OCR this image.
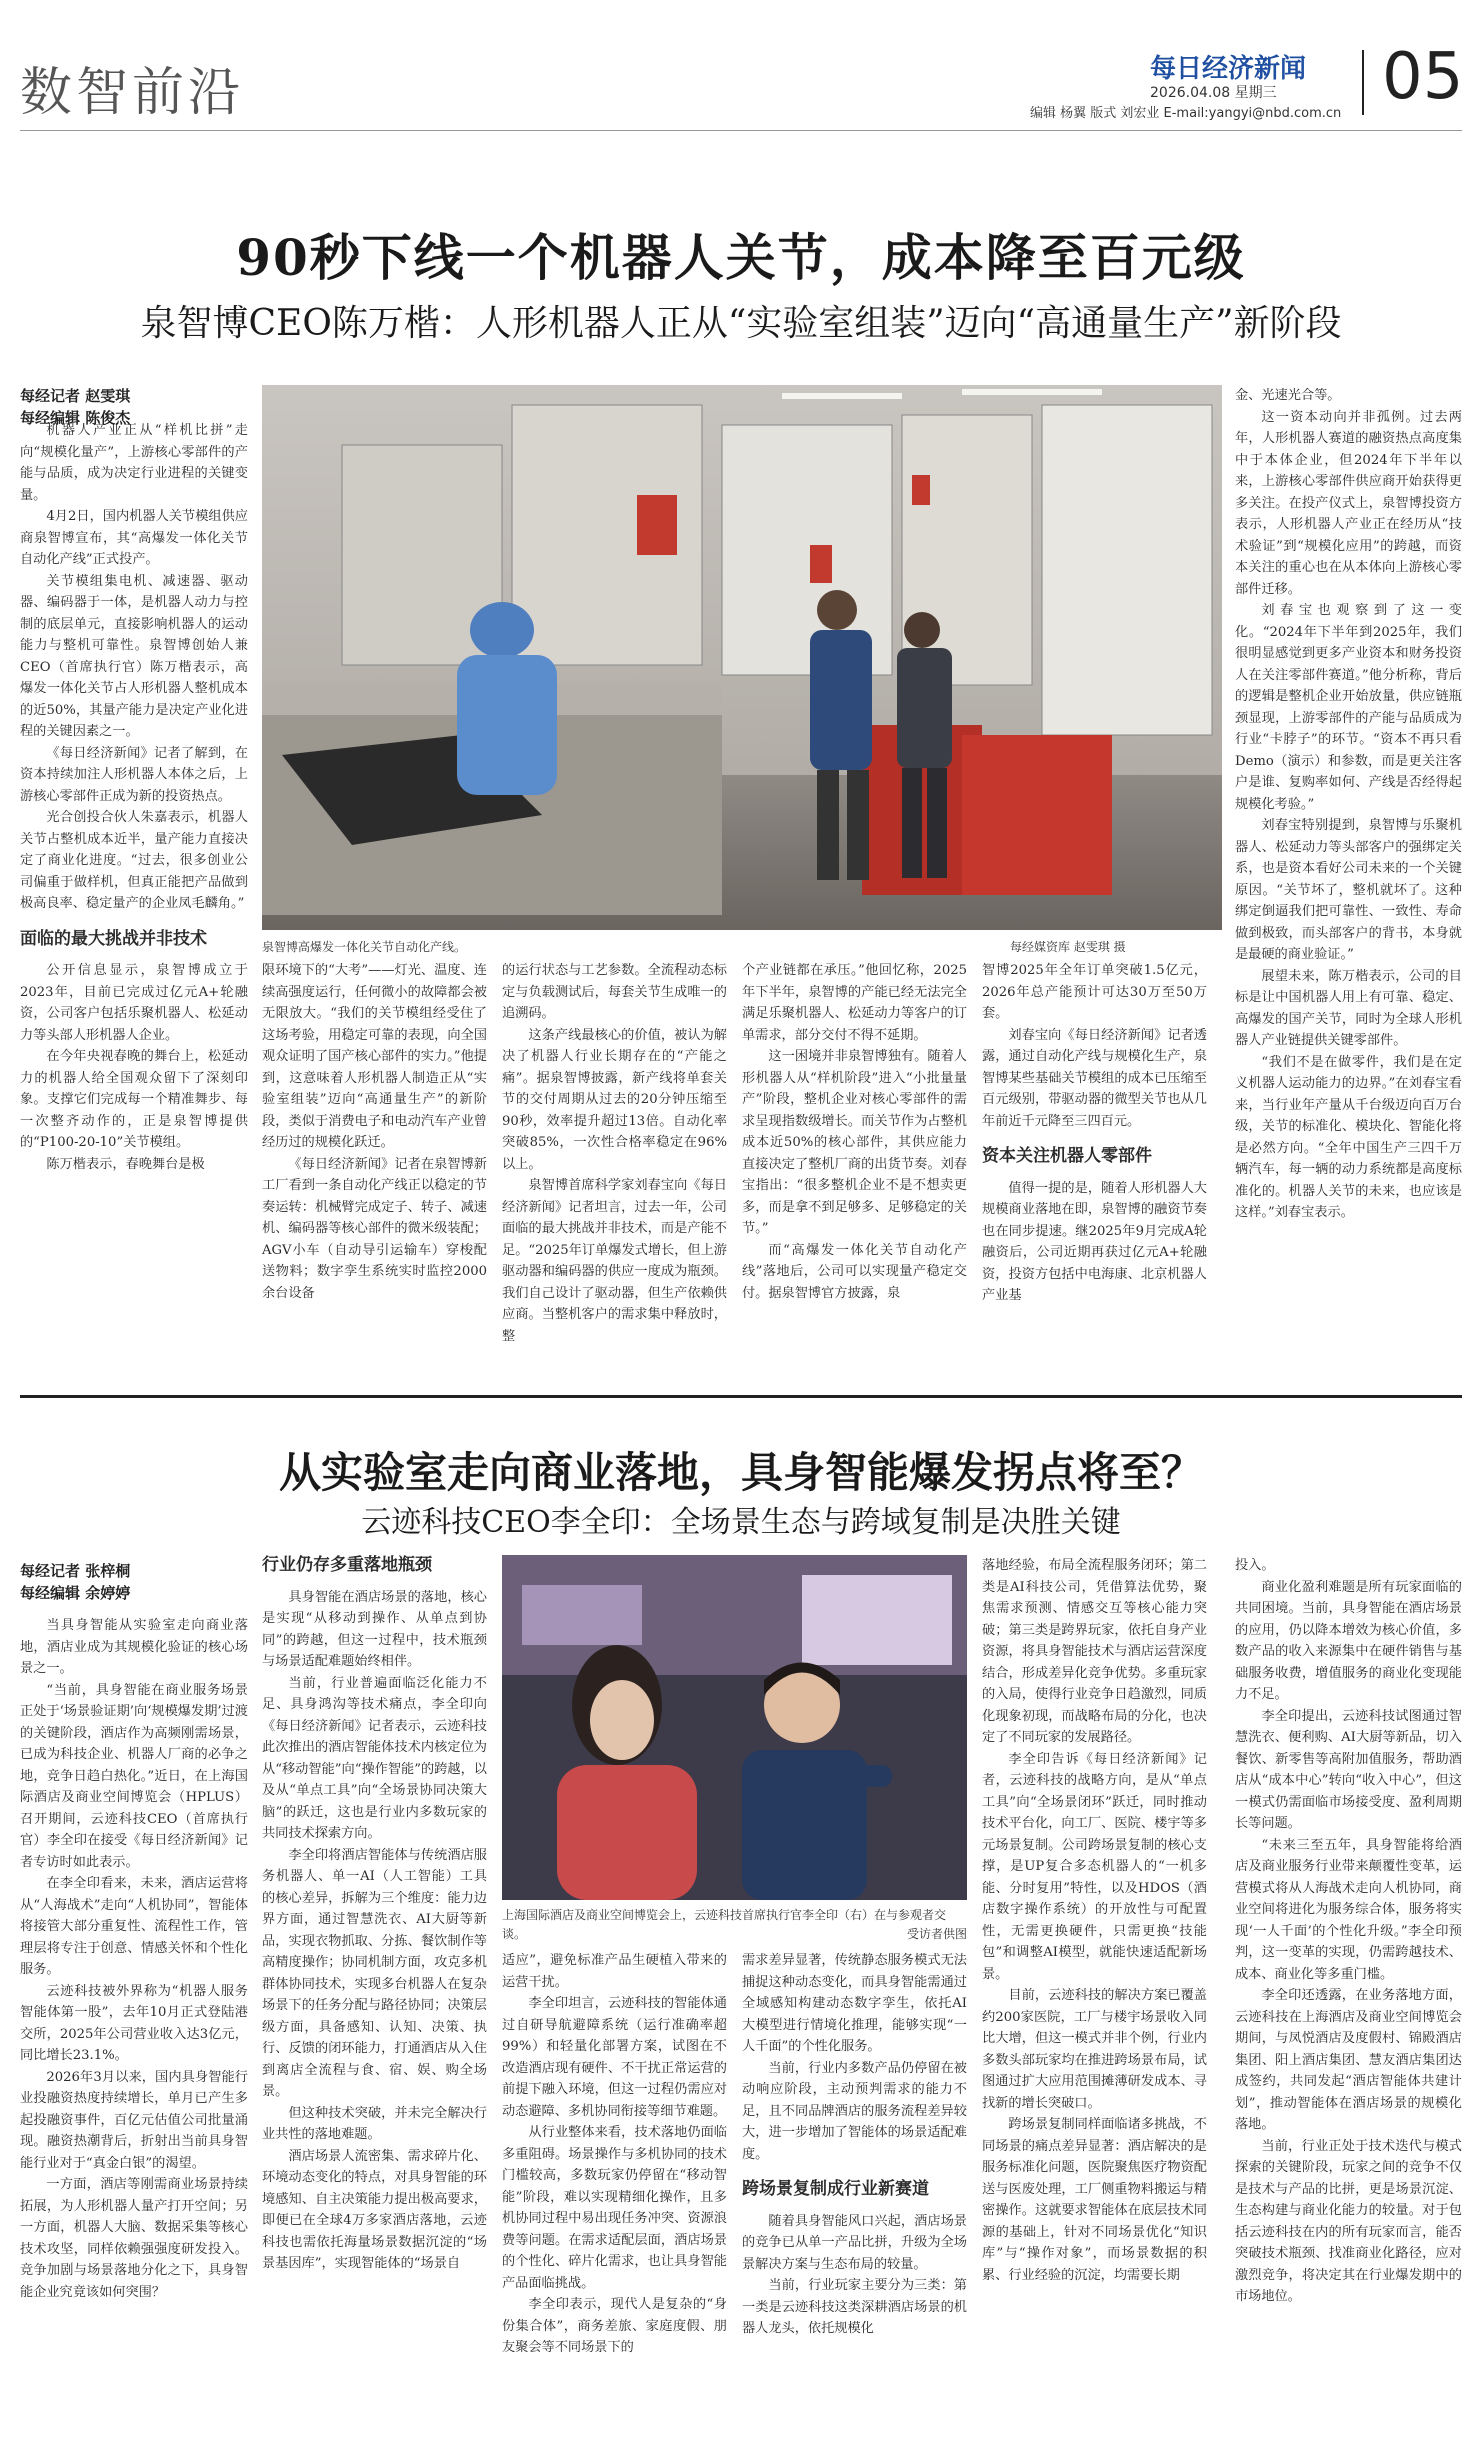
数智前沿	每日经济新闻
2026.04.08 星期三
编辑 杨翼 版式 刘宏业 E-mail:yangyi@nbd.com.cn 05
90秒下线一个机器人关节，成本降至百元级
泉智博CEO陈万楷：人形机器人正从“实验室组装”迈向“高通量生产”新阶段
每经记者 赵雯琪
每经编辑 陈俊杰
泉智博高爆发一体化关节自动化产线。	每经媒资库 赵雯琪 摄

机器人产业正从“样机比拼”走向“规模化量产”，上游核心零部件的产能与品质，成为决定行业进程的关键变量。

4月2日，国内机器人关节模组供应商泉智博宣布，其“高爆发一体化关节自动化产线”正式投产。

关节模组集电机、减速器、驱动器、编码器于一体，是机器人动力与控制的底层单元，直接影响机器人的运动能力与整机可靠性。泉智博创始人兼CEO（首席执行官）陈万楷表示，高爆发一体化关节占人形机器人整机成本的近50%，其量产能力是决定产业化进程的关键因素之一。

《每日经济新闻》记者了解到，在资本持续加注人形机器人本体之后，上游核心零部件正成为新的投资热点。

光合创投合伙人朱嘉表示，机器人关节占整机成本近半，量产能力直接决定了商业化进度。“过去，很多创业公司偏重于做样机，但真正能把产品做到极高良率、稳定量产的企业凤毛麟角。”

面临的最大挑战并非技术

公开信息显示，泉智博成立于2023年，目前已完成过亿元A+轮融资，公司客户包括乐聚机器人、松延动力等头部人形机器人企业。

在今年央视春晚的舞台上，松延动力的机器人给全国观众留下了深刻印象。支撑它们完成每一个精准舞步、每一次整齐动作的，正是泉智博提供的“P100-20-10”关节模组。

陈万楷表示，春晚舞台是极

限环境下的“大考”——灯光、温度、连续高强度运行，任何微小的故障都会被无限放大。“我们的关节模组经受住了这场考验，用稳定可靠的表现，向全国观众证明了国产核心部件的实力。”他提到，这意味着人形机器人制造正从“实验室组装”迈向“高通量生产”的新阶段，类似于消费电子和电动汽车产业曾经历过的规模化跃迁。

《每日经济新闻》记者在泉智博新工厂看到一条自动化产线正以稳定的节奏运转：机械臂完成定子、转子、减速机、编码器等核心部件的微米级装配；AGV小车（自动导引运输车）穿梭配送物料；数字孪生系统实时监控2000余台设备

的运行状态与工艺参数。全流程动态标定与负载测试后，每套关节生成唯一的追溯码。

这条产线最核心的价值，被认为解决了机器人行业长期存在的“产能之痛”。据泉智博披露，新产线将单套关节的交付周期从过去的20分钟压缩至90秒，效率提升超过13倍。自动化率突破85%，一次性合格率稳定在96%以上。

泉智博首席科学家刘春宝向《每日经济新闻》记者坦言，过去一年，公司面临的最大挑战并非技术，而是产能不足。“2025年订单爆发式增长，但上游驱动器和编码器的供应一度成为瓶颈。我们自己设计了驱动器，但生产依赖供应商。当整机客户的需求集中释放时，整

个产业链都在承压。”他回忆称，2025年下半年，泉智博的产能已经无法完全满足乐聚机器人、松延动力等客户的订单需求，部分交付不得不延期。

这一困境并非泉智博独有。随着人形机器人从“样机阶段”进入“小批量量产”阶段，整机企业对核心零部件的需求呈现指数级增长。而关节作为占整机成本近50%的核心部件，其供应能力直接决定了整机厂商的出货节奏。刘春宝指出：“很多整机企业不是不想卖更多，而是拿不到足够多、足够稳定的关节。”

而“高爆发一体化关节自动化产线”落地后，公司可以实现量产稳定交付。据泉智博官方披露，泉

智博2025年全年订单突破1.5亿元，2026年总产能预计可达30万至50万套。

刘春宝向《每日经济新闻》记者透露，通过自动化产线与规模化生产，泉智博某些基础关节模组的成本已压缩至百元级别，带驱动器的微型关节也从几年前近千元降至三四百元。

资本关注机器人零部件

值得一提的是，随着人形机器人大规模商业落地在即，泉智博的融资节奏也在同步提速。继2025年9月完成A轮融资后，公司近期再获过亿元A+轮融资，投资方包括中电海康、北京机器人产业基

金、光速光合等。

这一资本动向并非孤例。过去两年，人形机器人赛道的融资热点高度集中于本体企业，但2024年下半年以来，上游核心零部件供应商开始获得更多关注。在投产仪式上，泉智博投资方表示，人形机器人产业正在经历从“技术验证”到“规模化应用”的跨越，而资本关注的重心也在从本体向上游核心零部件迁移。

刘春宝也观察到了这一变化。“2024年下半年到2025年，我们很明显感觉到更多产业资本和财务投资人在关注零部件赛道。”他分析称，背后的逻辑是整机企业开始放量，供应链瓶颈显现，上游零部件的产能与品质成为行业“卡脖子”的环节。“资本不再只看Demo（演示）和参数，而是更关注客户是谁、复购率如何、产线是否经得起规模化考验。”

刘春宝特别提到，泉智博与乐聚机器人、松延动力等头部客户的强绑定关系，也是资本看好公司未来的一个关键原因。“关节坏了，整机就坏了。这种绑定倒逼我们把可靠性、一致性、寿命做到极致，而头部客户的背书，本身就是最硬的商业验证。”

展望未来，陈万楷表示，公司的目标是让中国机器人用上有可靠、稳定、高爆发的国产关节，同时为全球人形机器人产业链提供关键零部件。

“我们不是在做零件，我们是在定义机器人运动能力的边界。”在刘春宝看来，当行业年产量从千台级迈向百万台级，关节的标准化、模块化、智能化将是必然方向。“全年中国生产三四千万辆汽车，每一辆的动力系统都是高度标准化的。机器人关节的未来，也应该是这样。”刘春宝表示。

从实验室走向商业落地，具身智能爆发拐点将至？
云迹科技CEO李全印：全场景生态与跨域复制是决胜关键
每经记者 张梓桐
每经编辑 余婷婷
上海国际酒店及商业空间博览会上，云迹科技首席执行官李全印（右）在与参观者交谈。	受访者供图

当具身智能从实验室走向商业落地，酒店业成为其规模化验证的核心场景之一。

“当前，具身智能在商业服务场景正处于‘场景验证期’向‘规模爆发期’过渡的关键阶段，酒店作为高频刚需场景，已成为科技企业、机器人厂商的必争之地，竞争日趋白热化。”近日，在上海国际酒店及商业空间博览会（HPLUS）召开期间，云迹科技CEO（首席执行官）李全印在接受《每日经济新闻》记者专访时如此表示。

在李全印看来，未来，酒店运营将从“人海战术”走向“人机协同”，智能体将接管大部分重复性、流程性工作，管理层将专注于创意、情感关怀和个性化服务。

云迹科技被外界称为“机器人服务智能体第一股”，去年10月正式登陆港交所，2025年公司营业收入达3亿元，同比增长23.1%。

2026年3月以来，国内具身智能行业投融资热度持续增长，单月已产生多起投融资事件，百亿元估值公司批量涌现。融资热潮背后，折射出当前具身智能行业对于“真金白银”的渴望。

一方面，酒店等刚需商业场景持续拓展，为人形机器人量产打开空间；另一方面，机器人大脑、数据采集等核心技术攻坚，同样依赖强强度研发投入。竞争加剧与场景落地分化之下，具身智能企业究竟该如何突围？

行业仍存多重落地瓶颈

具身智能在酒店场景的落地，核心是实现“从移动到操作、从单点到协同”的跨越，但这一过程中，技术瓶颈与场景适配难题始终相伴。

当前，行业普遍面临泛化能力不足、具身鸿沟等技术痛点，李全印向《每日经济新闻》记者表示，云迹科技此次推出的酒店智能体技术内核定位为从“移动智能”向“操作智能”的跨越，以及从“单点工具”向“全场景协同决策大脑”的跃迁，这也是行业内多数玩家的共同技术探索方向。

李全印将酒店智能体与传统酒店服务机器人、单一AI（人工智能）工具的核心差异，拆解为三个维度：能力边界方面，通过智慧洗衣、AI大厨等新品，实现衣物抓取、分拣、餐饮制作等高精度操作；协同机制方面，攻克多机群体协同技术，实现多台机器人在复杂场景下的任务分配与路径协同；决策层级方面，具备感知、认知、决策、执行、反馈的闭环能力，打通酒店从入住到离店全流程与食、宿、娱、购全场景。

但这种技术突破，并未完全解决行业共性的落地难题。

酒店场景人流密集、需求碎片化、环境动态变化的特点，对具身智能的环境感知、自主决策能力提出极高要求，即便已在全球4万多家酒店落地，云迹科技也需依托海量场景数据沉淀的“场景基因库”，实现智能体的“场景自

适应”，避免标准产品生硬植入带来的运营干扰。

李全印坦言，云迹科技的智能体通过自研导航避障系统（运行准确率超99%）和轻量化部署方案，试图在不改造酒店现有硬件、不干扰正常运营的前提下融入环境，但这一过程仍需应对动态避障、多机协同衔接等细节难题。

从行业整体来看，技术落地仍面临多重阻碍。场景操作与多机协同的技术门槛较高，多数玩家仍停留在“移动智能”阶段，难以实现精细化操作，且多机协同过程中易出现任务冲突、资源浪费等问题。在需求适配层面，酒店场景的个性化、碎片化需求，也让具身智能产品面临挑战。

李全印表示，现代人是复杂的“身份集合体”，商务差旅、家庭度假、朋友聚会等不同场景下的

需求差异显著，传统静态服务模式无法捕捉这种动态变化，而具身智能需通过全域感知构建动态数字孪生，依托AI大模型进行情境化推理，能够实现“一人千面”的个性化服务。

当前，行业内多数产品仍停留在被动响应阶段，主动预判需求的能力不足，且不同品牌酒店的服务流程差异较大，进一步增加了智能体的场景适配难度。

跨场景复制成行业新赛道

随着具身智能风口兴起，酒店场景的竞争已从单一产品比拼，升级为全场景解决方案与生态布局的较量。

当前，行业玩家主要分为三类：第一类是云迹科技这类深耕酒店场景的机器人龙头，依托规模化

落地经验，布局全流程服务闭环；第二类是AI科技公司，凭借算法优势，聚焦需求预测、情感交互等核心能力突破；第三类是跨界玩家，依托自身产业资源，将具身智能技术与酒店运营深度结合，形成差异化竞争优势。多重玩家的入局，使得行业竞争日趋激烈，同质化现象初现，而战略布局的分化，也决定了不同玩家的发展路径。

李全印告诉《每日经济新闻》记者，云迹科技的战略方向，是从“单点工具”向“全场景闭环”跃迁，同时推动技术平台化，向工厂、医院、楼宇等多元场景复制。公司跨场景复制的核心支撑，是UP复合多态机器人的“一机多能、分时复用”特性，以及HDOS（酒店数字操作系统）的开放性与可配置性，无需更换硬件，只需更换“技能包”和调整AI模型，就能快速适配新场景。

目前，云迹科技的解决方案已覆盖约200家医院，工厂与楼宇场景收入同比大增，但这一模式并非个例，行业内多数头部玩家均在推进跨场景布局，试图通过扩大应用范围摊薄研发成本、寻找新的增长突破口。

跨场景复制同样面临诸多挑战，不同场景的痛点差异显著：酒店解决的是服务标准化问题，医院聚焦医疗物资配送与医废处理，工厂侧重物料搬运与精密操作。这就要求智能体在底层技术同源的基础上，针对不同场景优化“知识库”与“操作对象”，而场景数据的积累、行业经验的沉淀，均需要长期

投入。

商业化盈利难题是所有玩家面临的共同困境。当前，具身智能在酒店场景的应用，仍以降本增效为核心价值，多数产品的收入来源集中在硬件销售与基础服务收费，增值服务的商业化变现能力不足。

李全印提出，云迹科技试图通过智慧洗衣、便利购、AI大厨等新品，切入餐饮、新零售等高附加值服务，帮助酒店从“成本中心”转向“收入中心”，但这一模式仍需面临市场接受度、盈利周期长等问题。

“未来三至五年，具身智能将给酒店及商业服务行业带来颠覆性变革，运营模式将从人海战术走向人机协同，商业空间将进化为服务综合体，服务将实现‘一人千面’的个性化升级。”李全印预判，这一变革的实现，仍需跨越技术、成本、商业化等多重门槛。

李全印还透露，在业务落地方面，云迹科技在上海酒店及商业空间博览会期间，与凤悦酒店及度假村、锦殿酒店集团、阳上酒店集团、慧友酒店集团达成签约，共同发起“酒店智能体共建计划”，推动智能体在酒店场景的规模化落地。

当前，行业正处于技术迭代与模式探索的关键阶段，玩家之间的竞争不仅是技术与产品的比拼，更是场景沉淀、生态构建与商业化能力的较量。对于包括云迹科技在内的所有玩家而言，能否突破技术瓶颈、找准商业化路径，应对激烈竞争，将决定其在行业爆发期中的市场地位。
